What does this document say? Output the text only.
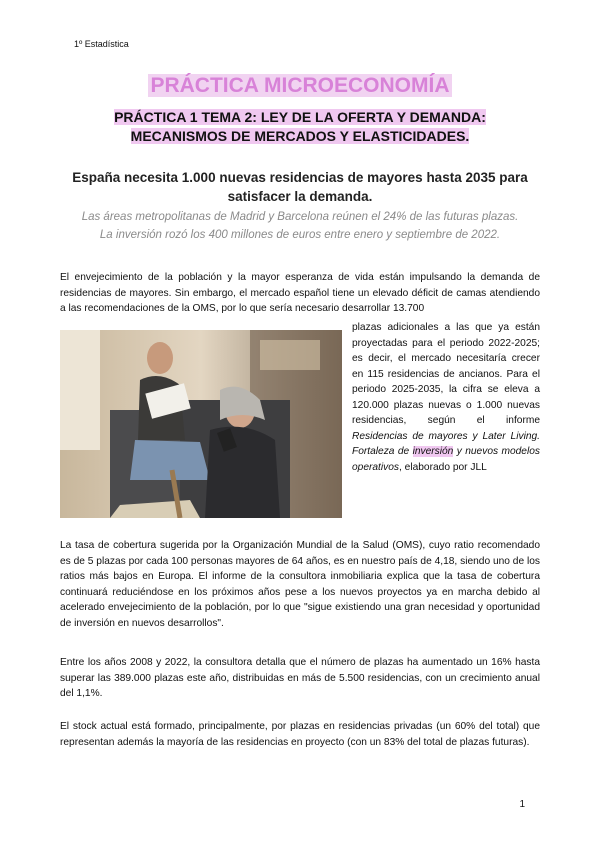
1º Estadística
PRÁCTICA MICROECONOMÍA
PRÁCTICA 1 TEMA 2: LEY DE LA OFERTA Y DEMANDA:
MECANISMOS DE MERCADOS Y ELASTICIDADES.
España necesita 1.000 nuevas residencias de mayores hasta 2035 para satisfacer la demanda.
Las áreas metropolitanas de Madrid y Barcelona reúnen el 24% de las futuras plazas.
La inversión rozó los 400 millones de euros entre enero y septiembre de 2022.
El envejecimiento de la población y la mayor esperanza de vida están impulsando la demanda de residencias de mayores. Sin embargo, el mercado español tiene un elevado déficit de camas atendiendo a las recomendaciones de la OMS, por lo que sería necesario desarrollar 13.700
plazas adicionales a las que ya están proyectadas para el periodo 2022-2025; es decir, el mercado necesitaría crecer en 115 residencias de ancianos. Para el periodo 2025-2035, la cifra se eleva a 120.000 plazas nuevas o 1.000 nuevas residencias, según el informe Residencias de mayores y Later Living. Fortaleza de inversión y nuevos modelos operativos, elaborado por JLL
La tasa de cobertura sugerida por la Organización Mundial de la Salud (OMS), cuyo ratio recomendado es de 5 plazas por cada 100 personas mayores de 64 años, es en nuestro país de 4,18, siendo uno de los ratios más bajos en Europa. El informe de la consultora inmobiliaria explica que la tasa de cobertura continuará reduciéndose en los próximos años pese a los nuevos proyectos ya en marcha debido al acelerado envejecimiento de la población, por lo que "sigue existiendo una gran necesidad y oportunidad de inversión en nuevos desarrollos".
Entre los años 2008 y 2022, la consultora detalla que el número de plazas ha aumentado un 16% hasta superar las 389.000 plazas este año, distribuidas en más de 5.500 residencias, con un crecimiento anual del 1,1%.
El stock actual está formado, principalmente, por plazas en residencias privadas (un 60% del total) que representan además la mayoría de las residencias en proyecto (con un 83% del total de plazas futuras).
1
